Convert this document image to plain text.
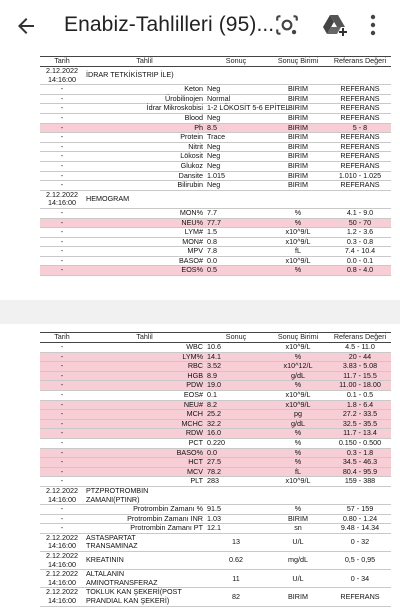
Enabiz-Tahlilleri (95)...
Tarih	Tahlil	Sonuç	Sonuç Birimi	Referans Değeri
2.12.2022
14:16:00	İDRAR TETKİKİSTRIP İLE)			
-	Keton	Neg	BIRIM	REFERANS
-	Ürobilinojen	Normal	BIRIM	REFERANS
-	İdrar Mikroskobisi	1-2 LÖKOSİT 5-6 EPİTEL	BIRIM	REFERANS
-	Blood	Neg	BIRIM	REFERANS
-	Ph	8.5	BIRIM	5 - 8
-	Protein	Trace	BIRIM	REFERANS
-	Nitrit	Neg	BIRIM	REFERANS
-	Lökosit	Neg	BIRIM	REFERANS
-	Glukoz	Neg	BIRIM	REFERANS
-	Dansite	1.015	BIRIM	1.010 - 1.025
-	Bilirubin	Neg	BIRIM	REFERANS
2.12.2022
14:16:00	HEMOGRAM			
-	MON%	7.7	%	4.1 - 9.0
-	NEU%	77.7	%	50 - 70
-	LYM#	1.5	x10^9/L	1.2 - 3.6
-	MON#	0.8	x10^9/L	0.3 - 0.8
-	MPV	7.8	fL	7.4 - 10.4
-	BASO#	0.0	x10^9/L	0.0 - 0.1
-	EOS%	0.5	%	0.8 - 4.0
Tarih	Tahlil	Sonuç	Sonuç Birimi	Referans Değeri
-	WBC	10.6	x10^9/L	4.5 - 11.0
-	LYM%	14.1	%	20 - 44
-	RBC	3.52	x10^12/L	3.83 - 5.08
-	HGB	8.9	g/dL	11.7 - 15.5
-	PDW	19.0	%	11.00 - 18.00
-	EOS#	0.1	x10^9/L	0.1 - 0.5
-	NEU#	8.2	x10^9/L	1.8 - 6.4
-	MCH	25.2	pg	27.2 - 33.5
-	MCHC	32.2	g/dL	32.5 - 35.5
-	RDW	16.0	%	11.7 - 13.4
-	PCT	0.220	%	0.150 - 0.500
-	BASO%	0.0	%	0.3 - 1.8
-	HCT	27.5	%	34.5 - 46.3
-	MCV	78.2	fL	80.4 - 95.9
-	PLT	283	x10^9/L	159 - 388
2.12.2022
14:16:00	PTZPROTROMBIN
ZAMANI(PTINR)			
-	Protrombin Zamanı %	91.5	%	57 - 159
-	Protrombin Zamanı INR	1.03	BIRIM	0.80 - 1.24
-	Protrombin Zamanı PT	12.1	sn	9.48 - 14.34
2.12.2022
14:16:00	ASTASPARTAT
TRANSAMINAZ	13	U/L	0 - 32
2.12.2022
14:16:00	KREATININ	0.62	mg/dL	0,5 - 0,95
2.12.2022
14:16:00	ALTALANIN
AMINOTRANSFERAZ	11	U/L	0 - 34
2.12.2022
14:16:00	TOKLUK KAN ŞEKERİ(POST
PRANDIAL KAN ŞEKERİ)	82	BIRIM	REFERANS
